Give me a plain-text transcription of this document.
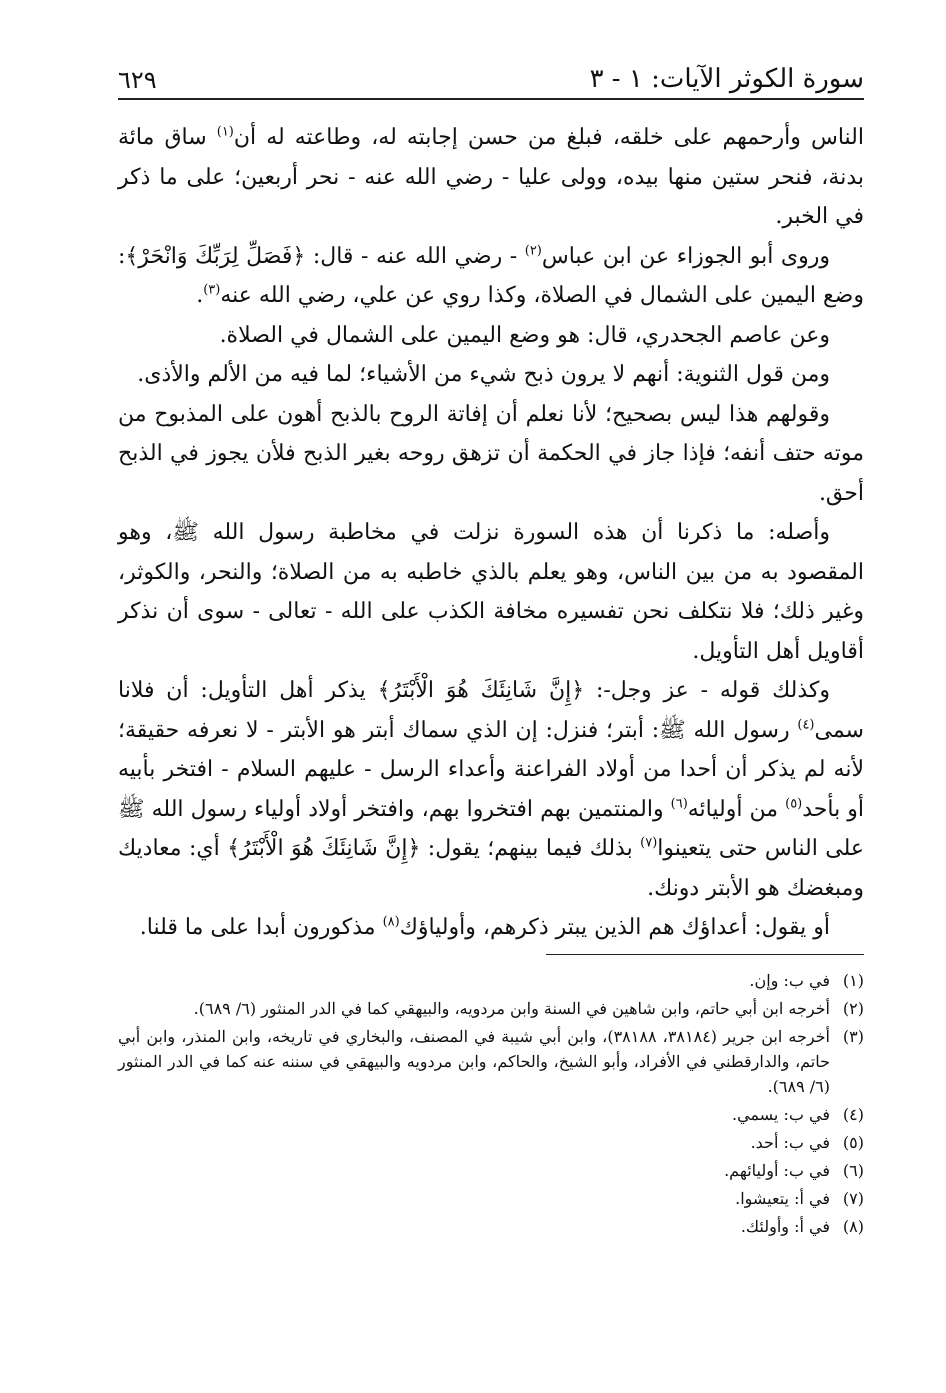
سورة الكوثر الآيات: ١ - ٣
٦٢٩

الناس وأرحمهم على خلقه، فبلغ من حسن إجابته له، وطاعته له أن$^{(١)}$ ساق مائة بدنة، فنحر ستين منها بيده، وولى عليا - رضي الله عنه - نحر أربعين؛ على ما ذكر في الخبر.

وروى أبو الجوزاء عن ابن عباس$^{(٢)}$ - رضي الله عنه - قال: ﴿فَصَلِّ لِرَبِّكَ وَانْحَرْ﴾: وضع اليمين على الشمال في الصلاة، وكذا روي عن علي، رضي الله عنه$^{(٣)}$.

وعن عاصم الجحدري، قال: هو وضع اليمين على الشمال في الصلاة.

ومن قول الثنوية: أنهم لا يرون ذبح شيء من الأشياء؛ لما فيه من الألم والأذى.

وقولهم هذا ليس بصحيح؛ لأنا نعلم أن إفاتة الروح بالذبح أهون على المذبوح من موته حتف أنفه؛ فإذا جاز في الحكمة أن تزهق روحه بغير الذبح فلأن يجوز في الذبح أحق.

وأصله: ما ذكرنا أن هذه السورة نزلت في مخاطبة رسول الله ﷺ، وهو المقصود به من بين الناس، وهو يعلم بالذي خاطبه به من الصلاة؛ والنحر، والكوثر، وغير ذلك؛ فلا نتكلف نحن تفسيره مخافة الكذب على الله - تعالى - سوى أن نذكر أقاويل أهل التأويل.

وكذلك قوله - عز وجل-: ﴿إِنَّ شَانِئَكَ هُوَ الْأَبْتَرُ﴾ يذكر أهل التأويل: أن فلانا سمى$^{(٤)}$ رسول الله ﷺ: أبتر؛ فنزل: إن الذي سماك أبتر هو الأبتر - لا نعرفه حقيقة؛ لأنه لم يذكر أن أحدا من أولاد الفراعنة وأعداء الرسل - عليهم السلام - افتخر بأبيه أو بأحد$^{(٥)}$ من أوليائه$^{(٦)}$ والمنتمين بهم افتخروا بهم، وافتخر أولاد أولياء رسول الله ﷺ على الناس حتى يتعينوا$^{(٧)}$ بذلك فيما بينهم؛ يقول: ﴿إِنَّ شَانِئَكَ هُوَ الْأَبْتَرُ﴾ أي: معاديك ومبغضك هو الأبتر دونك.

أو يقول: أعداؤك هم الذين يبتر ذكرهم، وأولياؤك$^{(٨)}$ مذكورون أبدا على ما قلنا.

(١)
في ب: وإن.
(٢)
أخرجه ابن أبي حاتم، وابن شاهين في السنة وابن مردويه، والبيهقي كما في الدر المنثور (٦/ ٦٨٩).
(٣)
أخرجه ابن جرير (٣٨١٨٤، ٣٨١٨٨)، وابن أبي شيبة في المصنف، والبخاري في تاريخه، وابن المنذر، وابن أبي حاتم، والدارقطني في الأفراد، وأبو الشيخ، والحاكم، وابن مردويه والبيهقي في سننه عنه كما في الدر المنثور (٦/ ٦٨٩).
(٤)
في ب: يسمي.
(٥)
في ب: أحد.
(٦)
في ب: أوليائهم.
(٧)
في أ: يتعيشوا.
(٨)
في أ: وأولئك.
